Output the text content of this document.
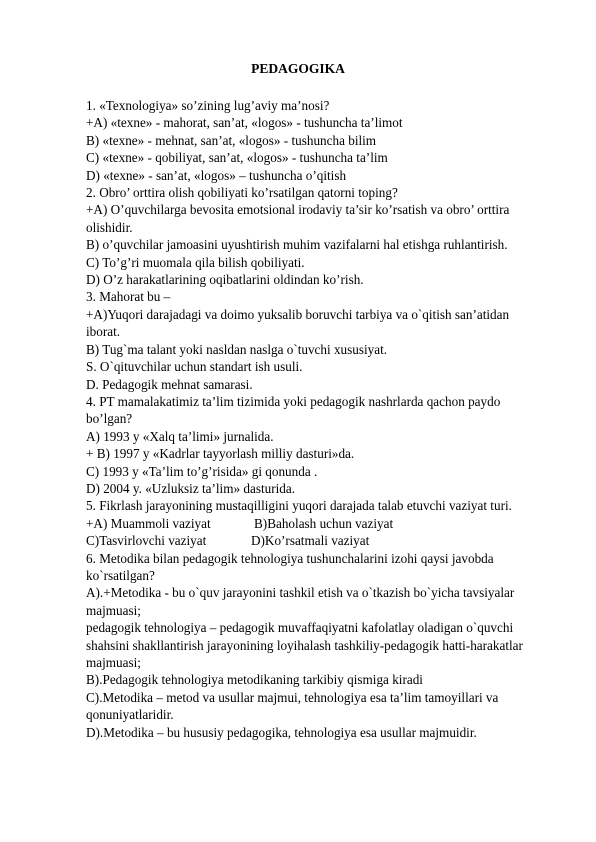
PEDAGOGIKA
1. «Texnologiya» so’zining lug’aviy ma’nosi?
+A) «texne» - mahorat, san’at, «logos» - tushuncha ta’limot
B) «texne» - mehnat, san’at, «logos» - tushuncha bilim
C) «texne» - qobiliyat, san’at, «logos» - tushuncha ta’lim
D) «texne» - san’at, «logos» – tushuncha o’qitish
2. Obro’ orttira olish qobiliyati ko’rsatilgan qatorni toping?
+A) O’quvchilarga bevosita emotsional irodaviy ta’sir ko’rsatish va obro’ orttira
olishidir.
B) o’quvchilar jamoasini uyushtirish muhim vazifalarni hal etishga ruhlantirish.
C) To’g’ri muomala qila bilish qobiliyati.
D) O’z harakatlarining oqibatlarini oldindan ko’rish.
3. Mahorat bu –
+A)Yuqori darajadagi va doimo yuksalib boruvchi tarbiya va o`qitish san’atidan
iborat.
B) Tug`ma talant yoki nasldan naslga o`tuvchi xususiyat.
S. O`qituvchilar uchun standart ish usuli.
D. Pedagogik mehnat samarasi.
4. PT mamalakatimiz ta’lim tizimida yoki pedagogik nashrlarda qachon paydo
bo’lgan?
A) 1993 y «Xalq ta’limi» jurnalida.
+ B) 1997 y «Kadrlar tayyorlash milliy dasturi»da.
C) 1993 y «Ta’lim to’g’risida» gi qonunda .
D) 2004 y. «Uzluksiz ta’lim» dasturida.
5. Fikrlash jarayonining mustaqilligini yuqori darajada talab etuvchi vaziyat turi.
+A) Muammoli vaziyat	B)Baholash uchun vaziyat
C)Tasvirlovchi vaziyat	D)Ko’rsatmali vaziyat
6. Metodika bilan pedagogik tehnologiya tushunchalarini izohi qaysi javobda
ko`rsatilgan?
A).+Metodika - bu o`quv jarayonini tashkil etish va o`tkazish bo`yicha tavsiyalar
majmuasi;
pedagogik tehnologiya – pedagogik muvaffaqiyatni kafolatlay oladigan o`quvchi
shahsini shakllantirish jarayonining loyihalash tashkiliy-pedagogik hatti-harakatlar
majmuasi;
B).Pedagogik tehnologiya metodikaning tarkibiy qismiga kiradi
C).Metodika – metod va usullar majmui, tehnologiya esa ta’lim tamoyillari va
qonuniyatlaridir.
D).Metodika – bu hususiy pedagogika, tehnologiya esa usullar majmuidir.
